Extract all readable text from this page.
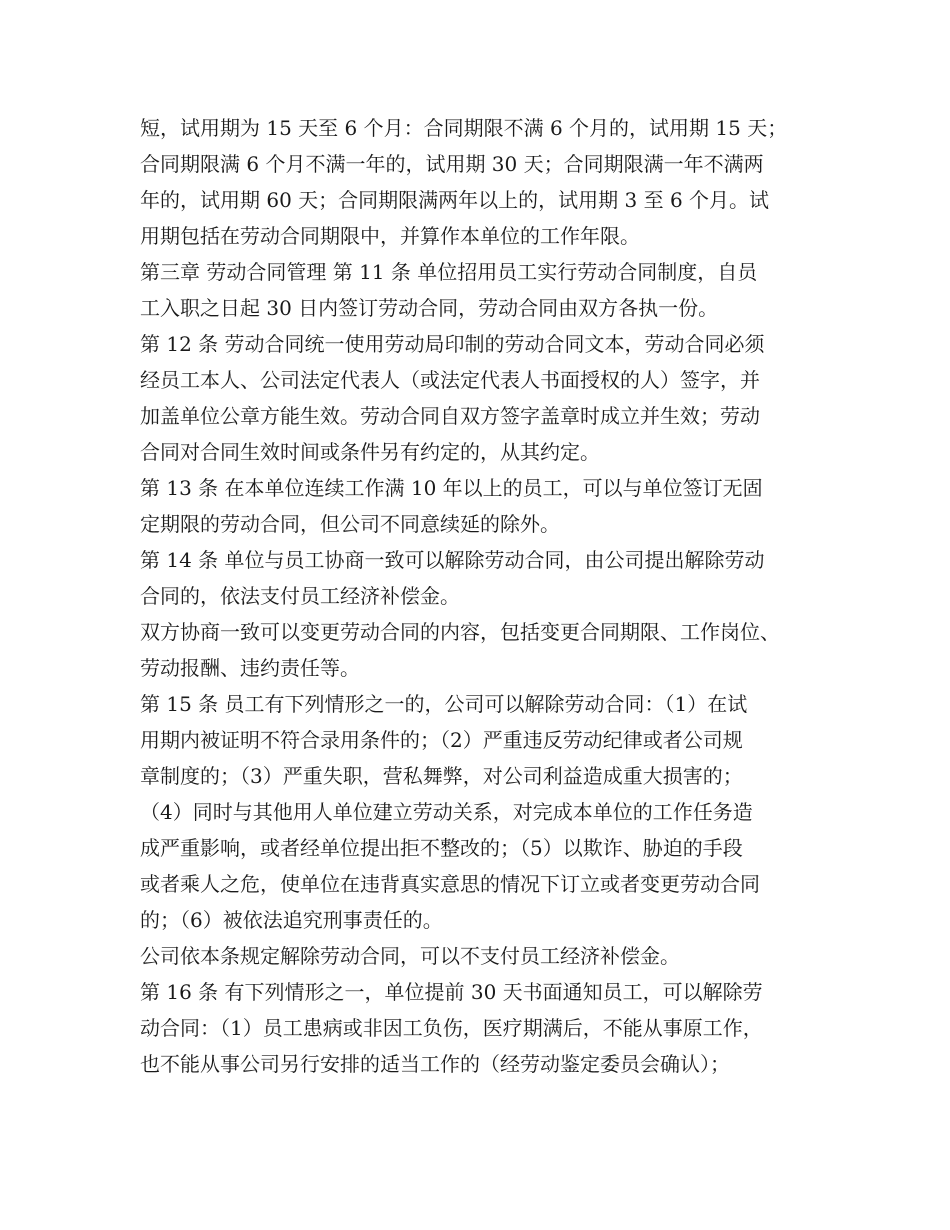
短，试用期为 15 天至 6 个月：合同期限不满 6 个月的，试用期 15 天；
合同期限满 6 个月不满一年的，试用期 30 天；合同期限满一年不满两
年的，试用期 60 天；合同期限满两年以上的，试用期 3 至 6 个月。试
用期包括在劳动合同期限中，并算作本单位的工作年限。
第三章 劳动合同管理 第 11 条 单位招用员工实行劳动合同制度，自员
工入职之日起 30 日内签订劳动合同，劳动合同由双方各执一份。
第 12 条 劳动合同统一使用劳动局印制的劳动合同文本，劳动合同必须
经员工本人、公司法定代表人（或法定代表人书面授权的人）签字，并
加盖单位公章方能生效。劳动合同自双方签字盖章时成立并生效；劳动
合同对合同生效时间或条件另有约定的，从其约定。
第 13 条 在本单位连续工作满 10 年以上的员工，可以与单位签订无固
定期限的劳动合同，但公司不同意续延的除外。
第 14 条 单位与员工协商一致可以解除劳动合同，由公司提出解除劳动
合同的，依法支付员工经济补偿金。
双方协商一致可以变更劳动合同的内容，包括变更合同期限、工作岗位、
劳动报酬、违约责任等。
第 15 条 员工有下列情形之一的，公司可以解除劳动合同：（1）在试
用期内被证明不符合录用条件的；（2）严重违反劳动纪律或者公司规
章制度的；（3）严重失职，营私舞弊，对公司利益造成重大损害的；
（4）同时与其他用人单位建立劳动关系，对完成本单位的工作任务造
成严重影响，或者经单位提出拒不整改的；（5）以欺诈、胁迫的手段
或者乘人之危，使单位在违背真实意思的情况下订立或者变更劳动合同
的；（6）被依法追究刑事责任的。
公司依本条规定解除劳动合同，可以不支付员工经济补偿金。
第 16 条 有下列情形之一，单位提前 30 天书面通知员工，可以解除劳
动合同：（1）员工患病或非因工负伤，医疗期满后，不能从事原工作，
也不能从事公司另行安排的适当工作的（经劳动鉴定委员会确认）；
